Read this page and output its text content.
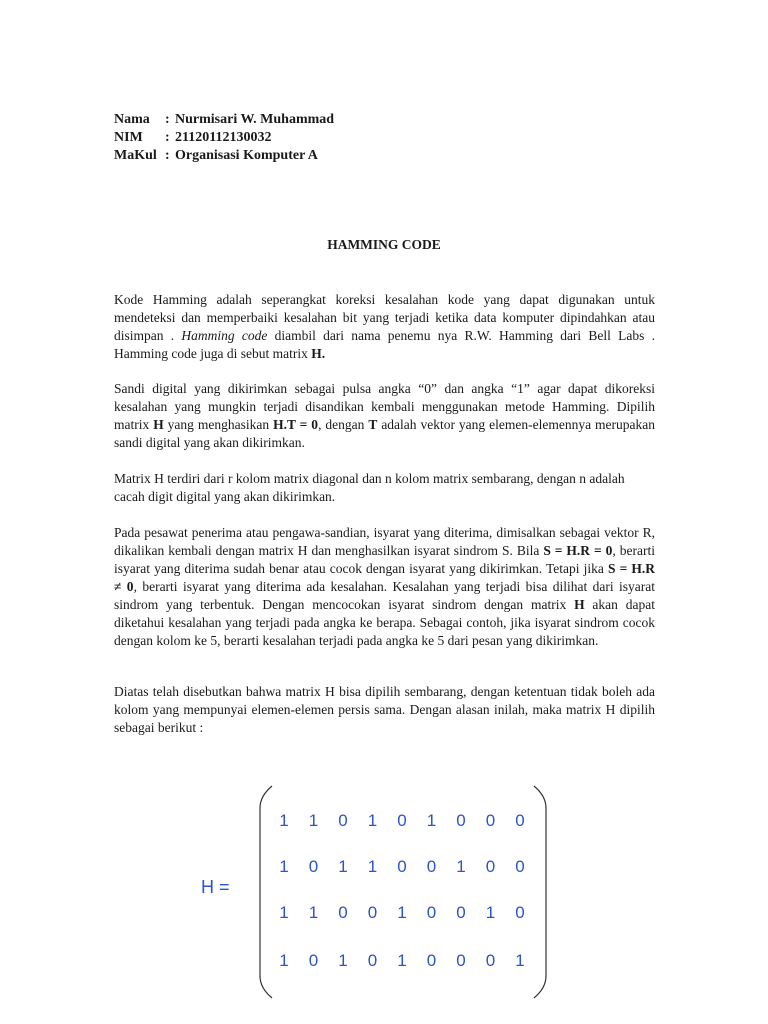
Nama	: Nurmisari W. Muhammad
NIM	: 21120112130032
MaKul : Organisasi Komputer A
HAMMING CODE
Kode Hamming adalah seperangkat koreksi kesalahan kode yang dapat digunakan untuk mendeteksi dan memperbaiki kesalahan bit yang terjadi ketika data komputer dipindahkan atau disimpan . Hamming code diambil dari nama penemu nya R.W. Hamming dari Bell Labs . Hamming code juga di sebut matrix H.
Sandi digital yang dikirimkan sebagai pulsa angka “0” dan angka “1” agar dapat dikoreksi kesalahan yang mungkin terjadi disandikan kembali menggunakan metode Hamming. Dipilih matrix H yang menghasikan H.T = 0, dengan T adalah vektor yang elemen-elemennya merupakan sandi digital yang akan dikirimkan.
Matrix H terdiri dari r kolom matrix diagonal dan n kolom matrix sembarang, dengan n adalah cacah digit digital yang akan dikirimkan.
Pada pesawat penerima atau pengawa-sandian, isyarat yang diterima, dimisalkan sebagai vektor R, dikalikan kembali dengan matrix H dan menghasilkan isyarat sindrom S. Bila S = H.R = 0, berarti isyarat yang diterima sudah benar atau cocok dengan isyarat yang dikirimkan. Tetapi jika S = H.R ≠ 0, berarti isyarat yang diterima ada kesalahan. Kesalahan yang terjadi bisa dilihat dari isyarat sindrom yang terbentuk. Dengan mencocokan isyarat sindrom dengan matrix H akan dapat diketahui kesalahan yang terjadi pada angka ke berapa. Sebagai contoh, jika isyarat sindrom cocok dengan kolom ke 5, berarti kesalahan terjadi pada angka ke 5 dari pesan yang dikirimkan.
Diatas telah disebutkan bahwa matrix H bisa dipilih sembarang, dengan ketentuan tidak boleh ada kolom yang mempunyai elemen-elemen persis sama. Dengan alasan inilah, maka matrix H dipilih sebagai berikut :
H =
1	1	0	1	0	1	0	0	0
1	0	1	1	0	0	1	0	0
1	1	0	0	1	0	0	1	0
1	0	1	0	1	0	0	0	1
